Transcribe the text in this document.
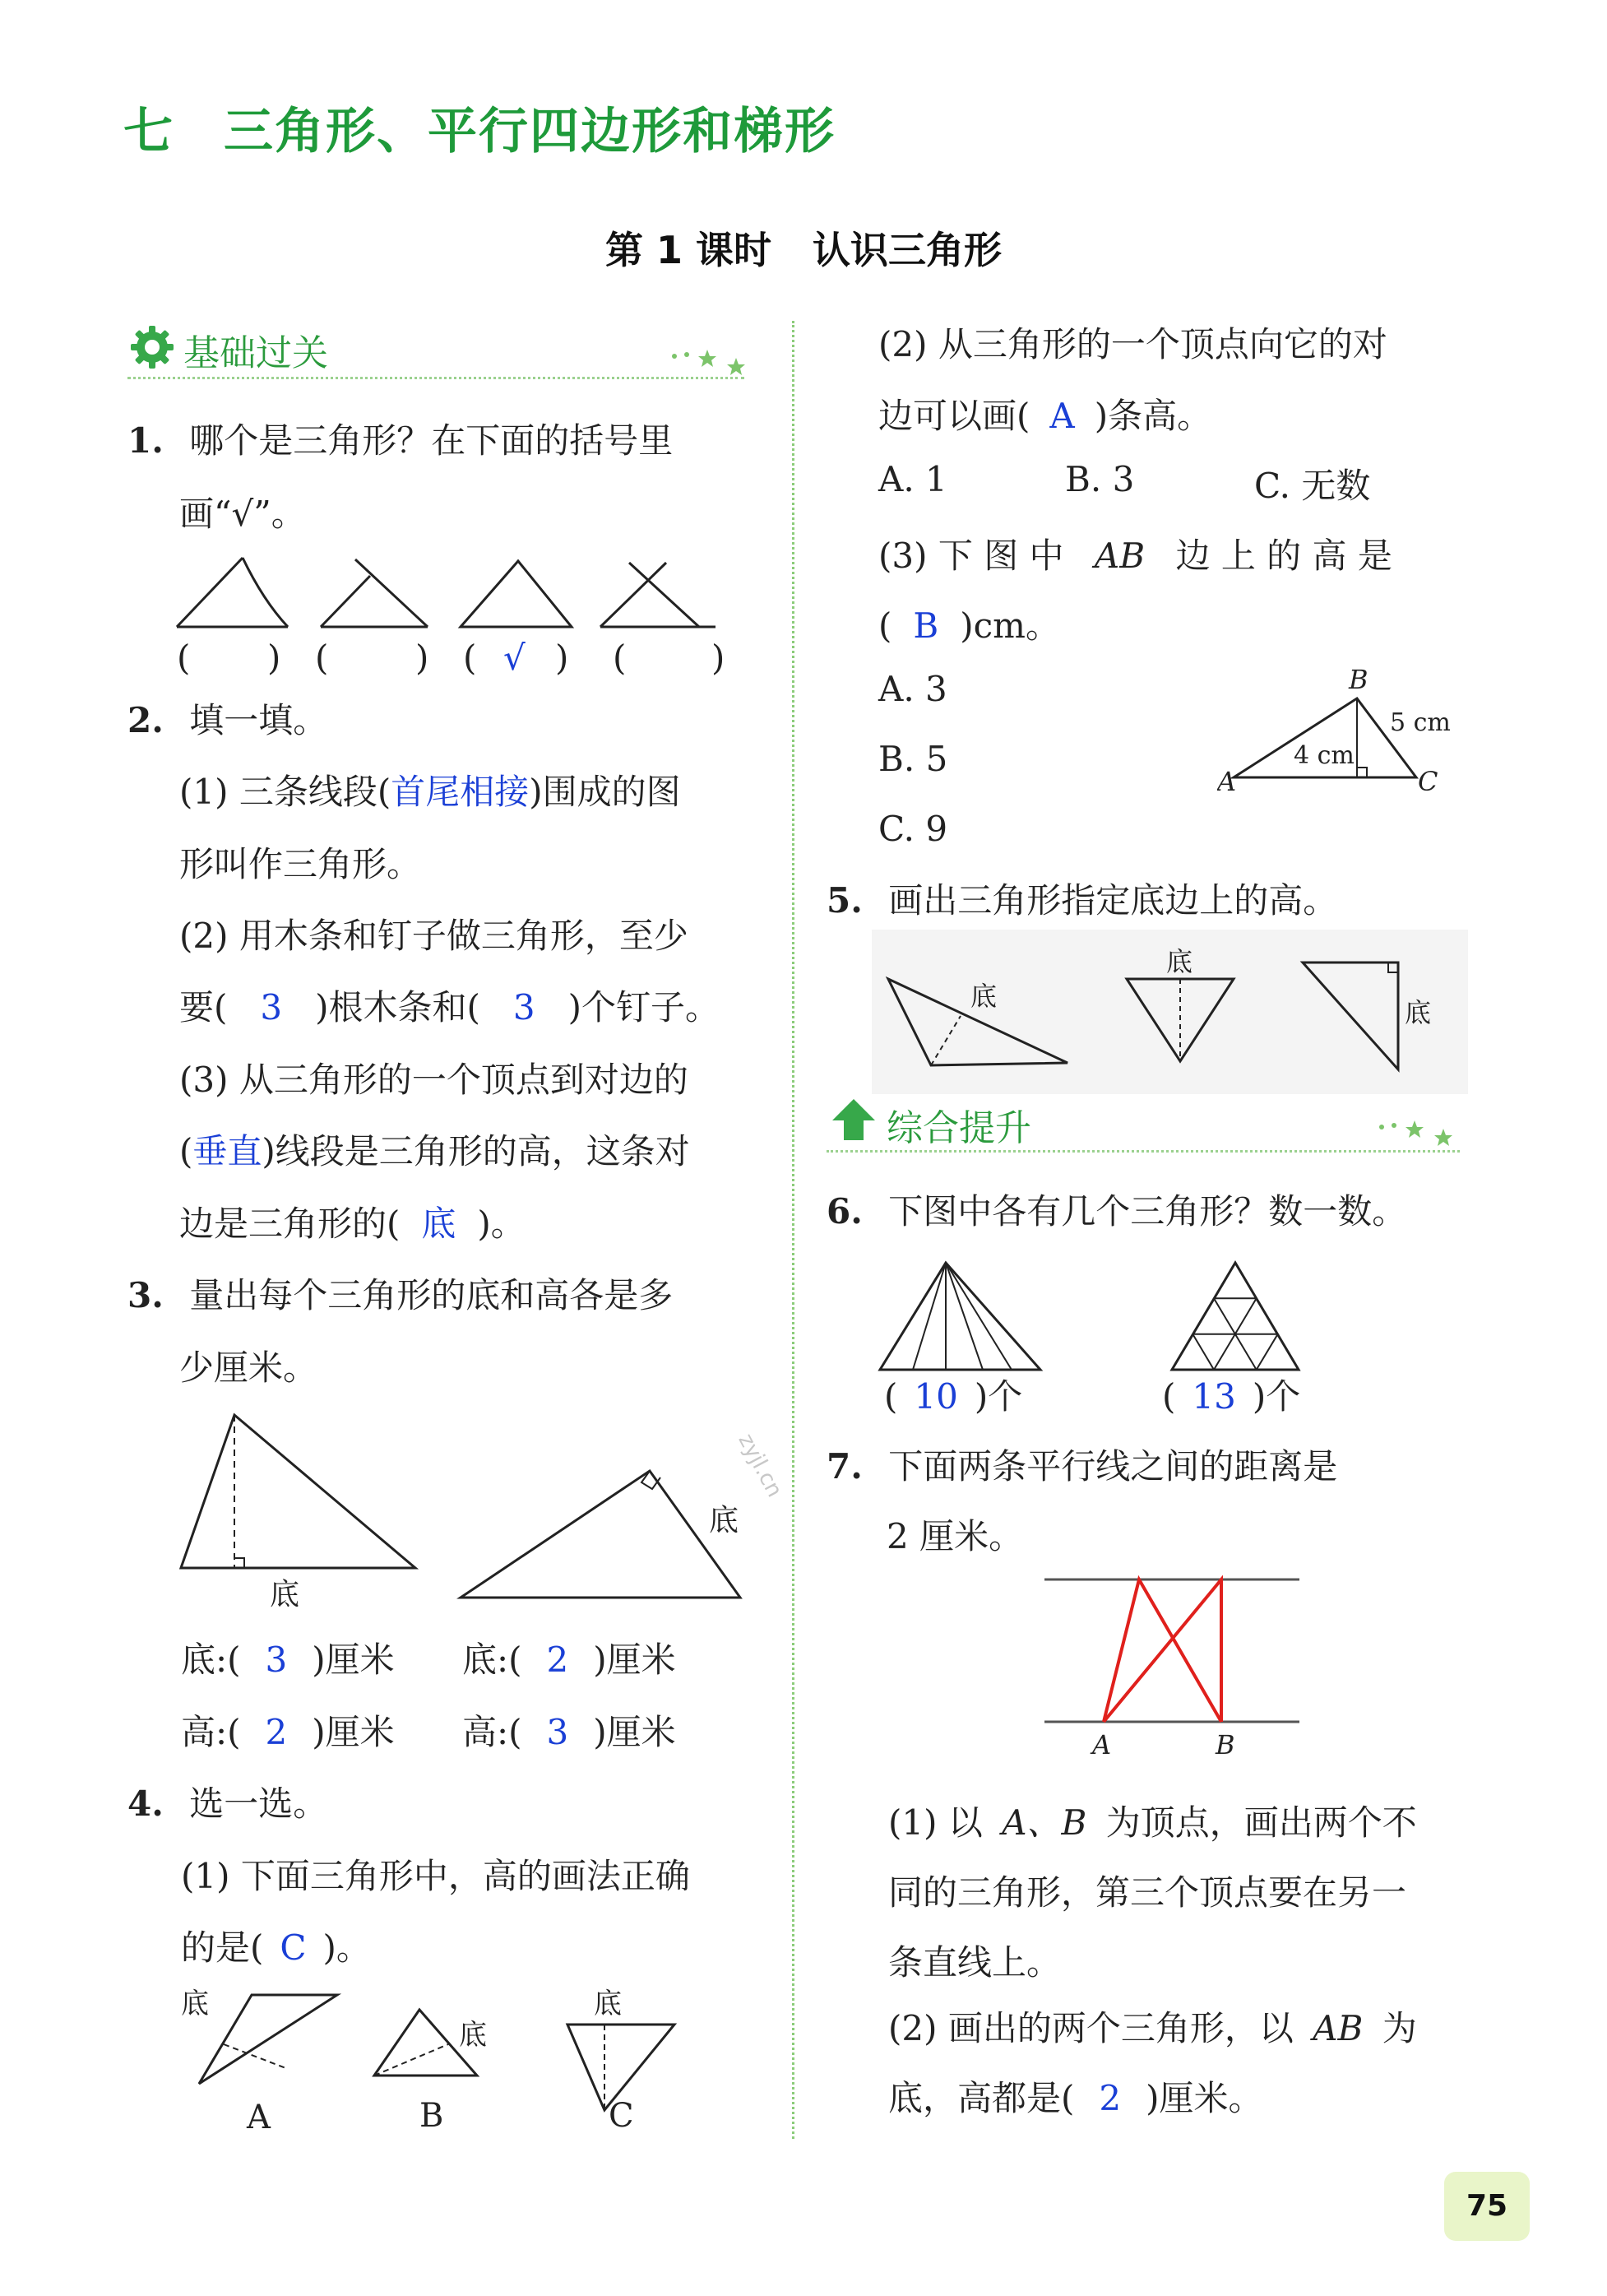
七 三角形、平行四边形和梯形
第 1 课时 认识三角形
基础过关
1. 哪个是三角形？在下面的括号里
画“√”。
( ) (	) ( √ ) ( )
2. 填一填。
(1) 三条线段(首尾相接)围成的图
形叫作三角形。
(2) 用木条和钉子做三角形，至少
要( 3 )根木条和( 3 )个钉子。
(3) 从三角形的一个顶点到对边的
(垂直)线段是三角形的高，这条对
边是三角形的( 底 )。
3. 量出每个三角形的底和高各是多
少厘米。
底
底
底:( 3 )厘米 底:( 2 )厘米
高:( 2 )厘米 高:( 3 )厘米
4. 选一选。
(1) 下面三角形中，高的画法正确
的是( C )。
底
底
底
A	B	C
(2) 从三角形的一个顶点向它的对
边可以画( A )条高。
A. 1	B. 3	C. 无数
(3) 下 图 中 AB 边 上 的 高 是
( B )cm。
A. 3
B. 5
C. 9
B
A	C
5 cm
4 cm
5. 画出三角形指定底边上的高。
底
底
底
综合提升
6. 下图中各有几个三角形？数一数。
( 10 )个	( 13 )个
7. 下面两条平行线之间的距离是
2 厘米。
A	B
(1) 以 A、B 为顶点，画出两个不
同的三角形，第三个顶点要在另一
条直线上。
(2) 画出的两个三角形，以 AB 为
底，高都是( 2 )厘米。
zyjl.cn
75
